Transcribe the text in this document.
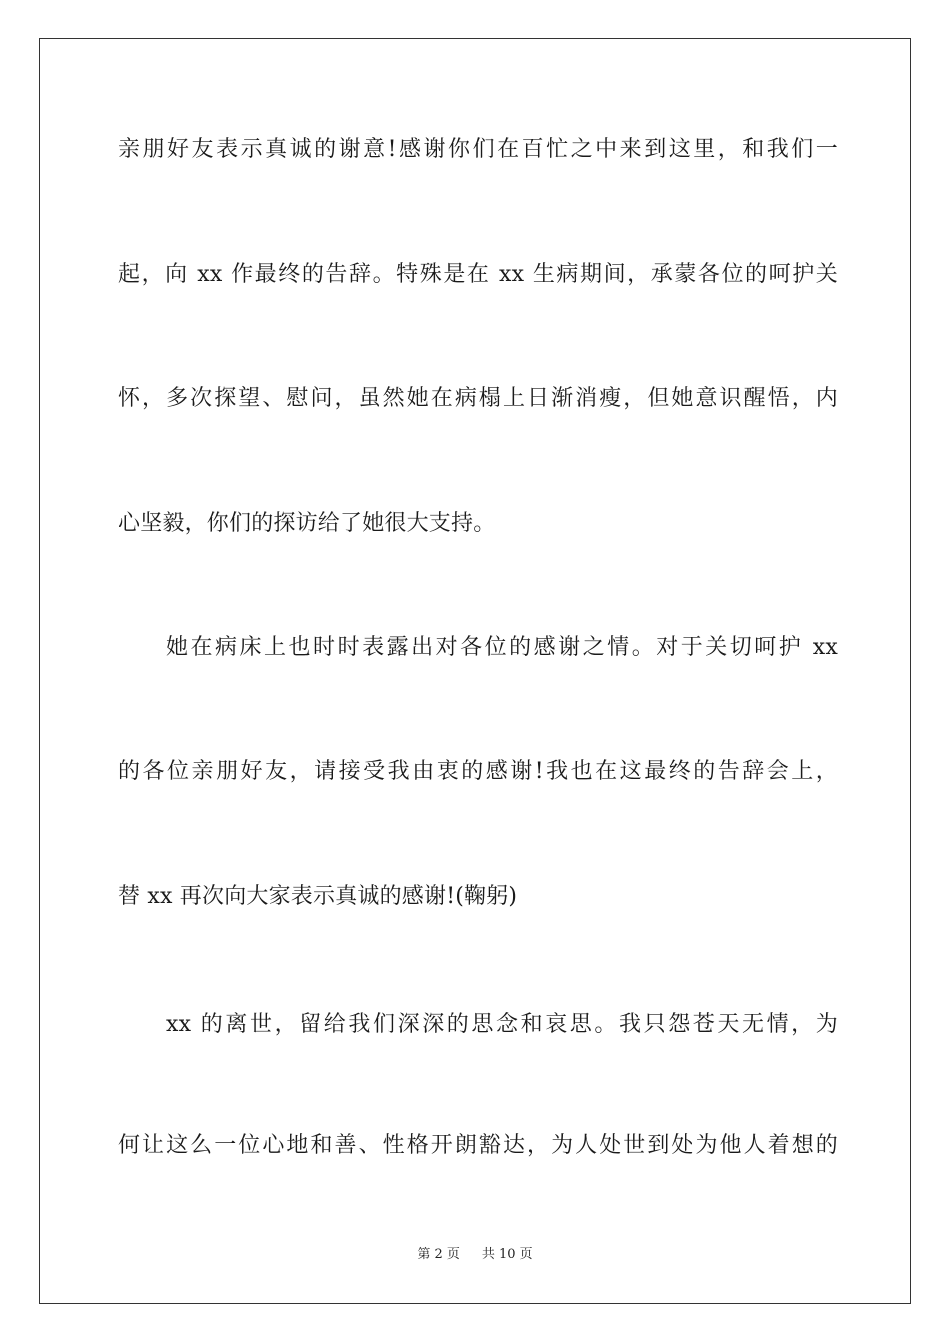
亲朋好友表示真诚的谢意!感谢你们在百忙之中来到这里，和我们一
起，向 xx 作最终的告辞。特殊是在 xx 生病期间，承蒙各位的呵护关
怀，多次探望、慰问，虽然她在病榻上日渐消瘦，但她意识醒悟，内
心坚毅，你们的探访给了她很大支持。
她在病床上也时时表露出对各位的感谢之情。对于关切呵护 xx
的各位亲朋好友，请接受我由衷的感谢!我也在这最终的告辞会上，
替 xx 再次向大家表示真诚的感谢!(鞠躬)
xx 的离世，留给我们深深的思念和哀思。我只怨苍天无情，为
何让这么一位心地和善、性格开朗豁达，为人处世到处为他人着想的
第 2 页 共 10 页
